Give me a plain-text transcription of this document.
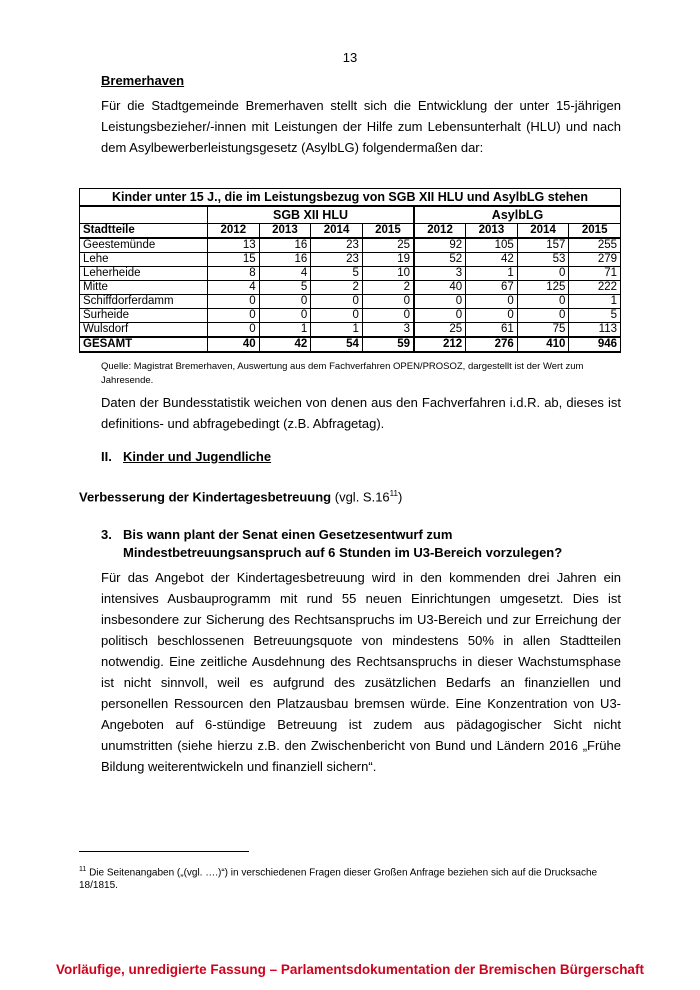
13
Bremerhaven
Für die Stadtgemeinde Bremerhaven stellt sich die Entwicklung der unter 15-jährigen Leistungsbezieher/-innen mit Leistungen der Hilfe zum Lebensunterhalt (HLU) und nach dem Asylbewerberleistungsgesetz (AsylbLG) folgendermaßen dar:
Kinder unter 15 J., die im Leistungsbezug von SGB XII HLU und AsylbLG stehen								
	SGB XII HLU				AsylbLG			
Stadtteile	2012	2013	2014	2015	2012	2013	2014	2015
Geestemünde	13	16	23	25	92	105	157	255
Lehe	15	16	23	19	52	42	53	279
Leherheide	8	4	5	10	3	1	0	71
Mitte	4	5	2	2	40	67	125	222
Schiffdorferdamm	0	0	0	0	0	0	0	1
Surheide	0	0	0	0	0	0	0	5
Wulsdorf	0	1	1	3	25	61	75	113
GESAMT	40	42	54	59	212	276	410	946
Quelle: Magistrat Bremerhaven, Auswertung aus dem Fachverfahren OPEN/PROSOZ, dargestellt ist der Wert zum Jahresende.
Daten der Bundesstatistik weichen von denen aus den Fachverfahren i.d.R. ab, dieses ist definitions- und abfragebedingt (z.B. Abfragetag).
II. Kinder und Jugendliche
Verbesserung der Kindertagesbetreuung (vgl. $S.16^{11}$)
3. Bis wann plant der Senat einen Gesetzesentwurf zum Mindestbetreuungsanspruch auf 6 Stunden im U3-Bereich vorzulegen?
Für das Angebot der Kindertagesbetreuung wird in den kommenden drei Jahren ein intensives Ausbauprogramm mit rund 55 neuen Einrichtungen umgesetzt. Dies ist insbesondere zur Sicherung des Rechtsanspruchs im U3-Bereich und zur Erreichung der politisch beschlossenen Betreuungsquote von mindestens 50% in allen Stadtteilen notwendig. Eine zeitliche Ausdehnung des Rechtsanspruchs in dieser Wachstumsphase ist nicht sinnvoll, weil es aufgrund des zusätzlichen Bedarfs an finanziellen und personellen Ressourcen den Platzausbau bremsen würde. Eine Konzentration von U3-Angeboten auf 6-stündige Betreuung ist zudem aus pädagogischer Sicht nicht unumstritten (siehe hierzu z.B. den Zwischenbericht von Bund und Ländern 2016 „Frühe Bildung weiterentwickeln und finanziell sichern“.
$^{11}$ Die Seitenangaben („(vgl. ….)“) in verschiedenen Fragen dieser Großen Anfrage beziehen sich auf die Drucksache 18/1815.
Vorläufige, unredigierte Fassung – Parlamentsdokumentation der Bremischen Bürgerschaft
